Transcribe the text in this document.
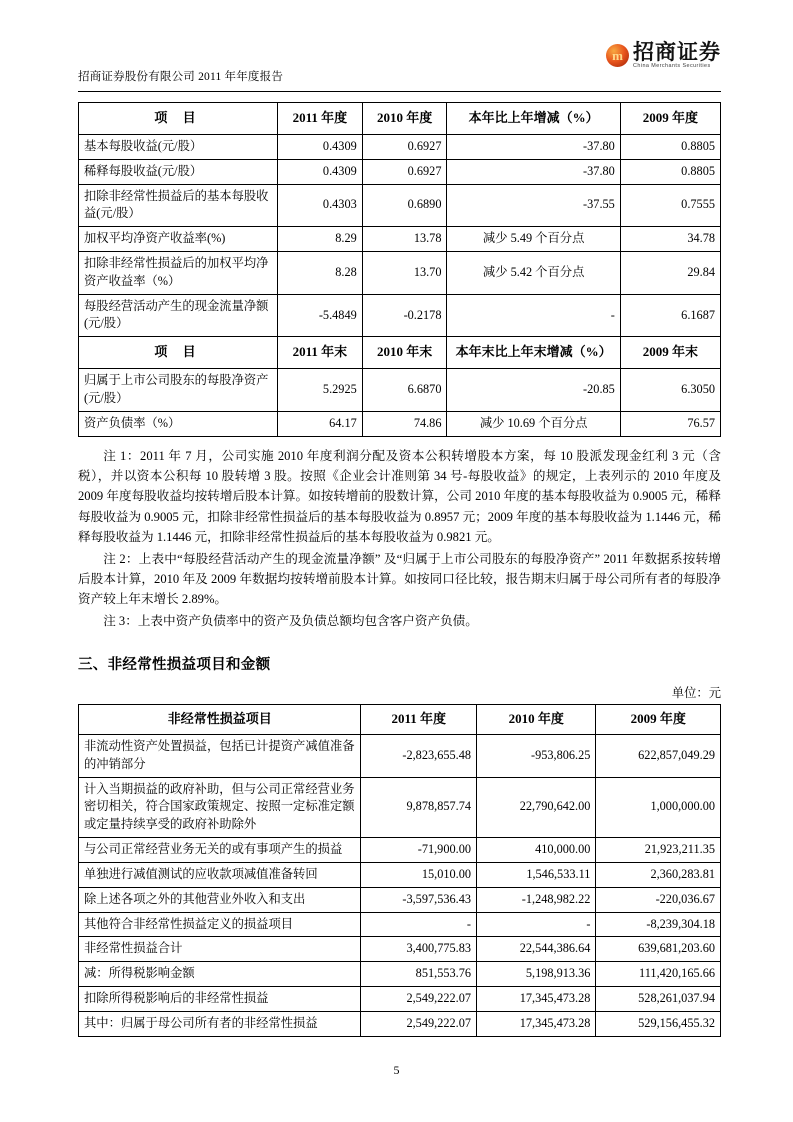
招商证券股份有限公司 2011 年年度报告
m
招商证券
China Merchants Securities
项 目	2011 年度	2010 年度	本年比上年增减（%）	2009 年度
基本每股收益(元/股）	0.4309	0.6927	-37.80	0.8805
稀释每股收益(元/股）	0.4309	0.6927	-37.80	0.8805
扣除非经常性损益后的基本每股收益(元/股）	0.4303	0.6890	-37.55	0.7555
加权平均净资产收益率(%)	8.29	13.78	减少 5.49 个百分点	34.78
扣除非经常性损益后的加权平均净资产收益率（%）	8.28	13.70	减少 5.42 个百分点	29.84
每股经营活动产生的现金流量净额(元/股）	-5.4849	-0.2178	-	6.1687
项 目	2011 年末	2010 年末	本年末比上年末增减（%）	2009 年末
归属于上市公司股东的每股净资产(元/股）	5.2925	6.6870	-20.85	6.3050
资产负债率（%）	64.17	74.86	减少 10.69 个百分点	76.57

注 1：2011 年 7 月，公司实施 2010 年度利润分配及资本公积转增股本方案，每 10 股派发现金红利 3 元（含税），并以资本公积每 10 股转增 3 股。按照《企业会计准则第 34 号-每股收益》的规定，上表列示的 2010 年度及 2009 年度每股收益均按转增后股本计算。如按转增前的股数计算，公司 2010 年度的基本每股收益为 0.9005 元，稀释每股收益为 0.9005 元，扣除非经常性损益后的基本每股收益为 0.8957 元；2009 年度的基本每股收益为 1.1446 元，稀释每股收益为 1.1446 元，扣除非经常性损益后的基本每股收益为 0.9821 元。

注 2：上表中“每股经营活动产生的现金流量净额” 及“归属于上市公司股东的每股净资产” 2011 年数据系按转增后股本计算，2010 年及 2009 年数据均按转增前股本计算。如按同口径比较，报告期末归属于母公司所有者的每股净资产较上年末增长 2.89%。

注 3：上表中资产负债率中的资产及负债总额均包含客户资产负债。

三、非经常性损益项目和金额
单位：元
非经常性损益项目	2011 年度	2010 年度	2009 年度
非流动性资产处置损益，包括已计提资产减值准备的冲销部分	-2,823,655.48	-953,806.25	622,857,049.29
计入当期损益的政府补助，但与公司正常经营业务密切相关，符合国家政策规定、按照一定标准定额或定量持续享受的政府补助除外	9,878,857.74	22,790,642.00	1,000,000.00
与公司正常经营业务无关的或有事项产生的损益	-71,900.00	410,000.00	21,923,211.35
单独进行减值测试的应收款项减值准备转回	15,010.00	1,546,533.11	2,360,283.81
除上述各项之外的其他营业外收入和支出	-3,597,536.43	-1,248,982.22	-220,036.67
其他符合非经常性损益定义的损益项目	-	-	-8,239,304.18
非经常性损益合计	3,400,775.83	22,544,386.64	639,681,203.60
减：所得税影响金额	851,553.76	5,198,913.36	111,420,165.66
扣除所得税影响后的非经常性损益	2,549,222.07	17,345,473.28	528,261,037.94
其中：归属于母公司所有者的非经常性损益	2,549,222.07	17,345,473.28	529,156,455.32
5
